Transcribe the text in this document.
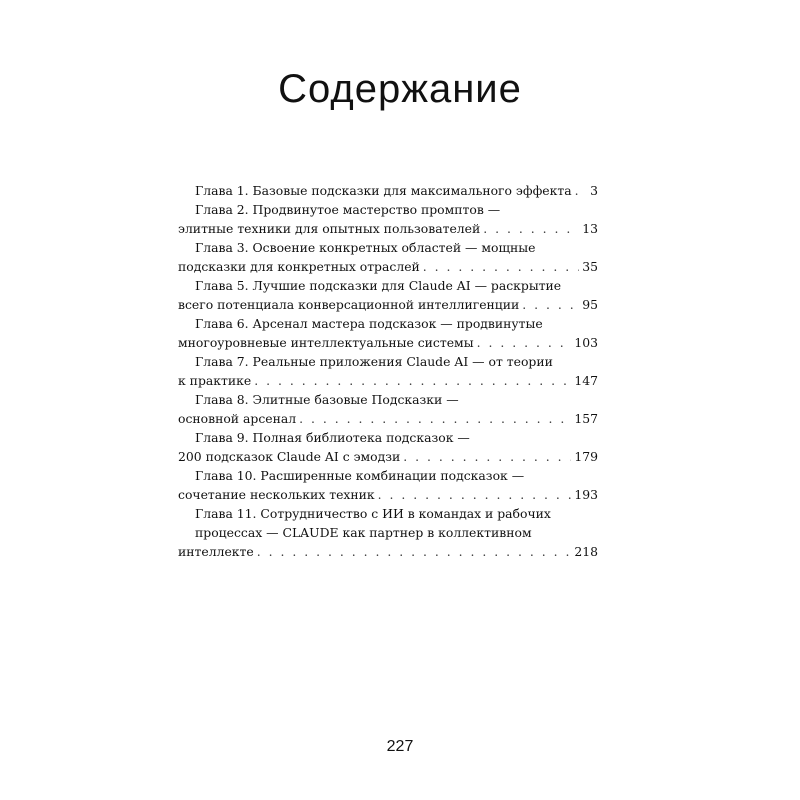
Содержание
Глава 1. Базовые подсказки для максимального эффекта . . . 3
Глава 2. Продвинутое мастерство промптов —
элитные техники для опытных пользователей . . .	13
Глава 3. Освоение конкретных областей — мощные
подсказки для конкретных отраслей . . .	35
Глава 5. Лучшие подсказки для Claude AI — раскрытие
всего потенциала конверсационной интеллигенции . . .	95
Глава 6. Арсенал мастера подсказок — продвинутые
многоуровневые интеллектуальные системы . . .	103
Глава 7. Реальные приложения Claude AI — от теории
к практике . . .	147
Глава 8. Элитные базовые Подсказки —
основной арсенал . . .	157
Глава 9. Полная библиотека подсказок —
200 подсказок Claude AI с эмодзи . . .	179
Глава 10. Расширенные комбинации подсказок —
сочетание нескольких техник . . .	193
Глава 11. Сотрудничество с ИИ в командах и рабочих
процессах — CLAUDE как партнер в коллективном
интеллекте . . .	218
227
